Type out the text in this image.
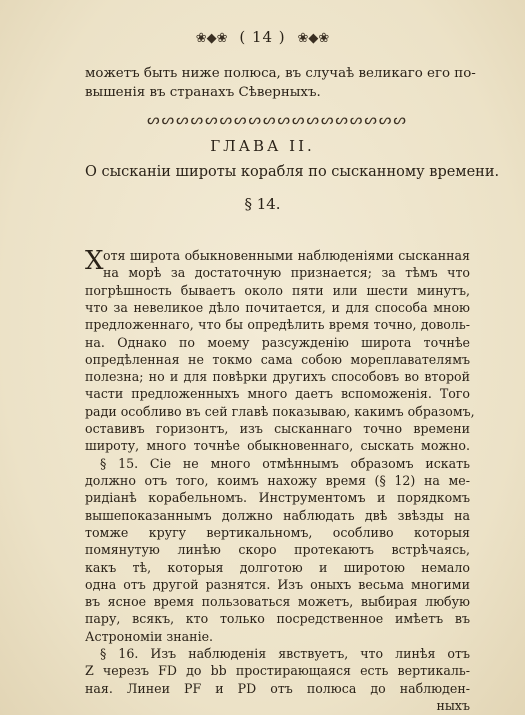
❀◆❀ ( 14 ) ❀◆❀
можетъ быть ниже полюса, въ случаѣ великаго его по-
вышенія въ странахъ Сѣверныхъ.
ᔕᔕᔕᔕᔕᔕᔕᔕᔕᔕᔕᔕᔕᔕᔕᔕᔕᔕ
ГЛАВА II.
О сысканіи широты корабля по сысканному времени.
§ 14.
Х отя широта обыкновенными наблюденіями сысканная
на морѣ за достаточную признается; за тѣмъ что
погрѣшность бываетъ около пяти или шести минутъ,
что за невеликое дѣло почитается, и для способа мною
предложеннаго, что бы опредѣлить время точно, доволь-
на. Однако по моему разсужденію широта точнѣе
опредѣленная не токмо сама собою мореплавателямъ
полезна; но и для повѣрки другихъ способовъ во второй
части предложенныхъ много даетъ вспоможенія. Того
ради особливо въ сей главѣ показываю, какимъ образомъ,
оставивъ горизонтъ, изъ сысканнаго точно времени
широту, много точнѣе обыкновеннаго, сыскать можно.
§ 15. Сіе не много отмѣннымъ образомъ искать
должно отъ того, коимъ нахожу время (§ 12) на ме-
ридіанѣ корабельномъ. Инструментомъ и порядкомъ
вышепоказаннымъ должно наблюдать двѣ звѣзды на
томже кругу вертикальномъ, особливо которыя
помянутую линѣю скоро протекаютъ встрѣчаясь,
какъ тѣ, которыя долготою и широтою немало
одна отъ другой разнятся. Изъ оныхъ весьма многими
въ ясное время пользоваться можетъ, выбирая любую
пару, всякъ, кто только посредственное имѣетъ въ
Астрономіи знаніе.
§ 16. Изъ наблюденія явствуетъ, что линѣя отъ
Z черезъ FD до bb простирающаяся есть вертикаль-
ная. Линеи PF и PD отъ полюса до наблюден-
ныхъ
